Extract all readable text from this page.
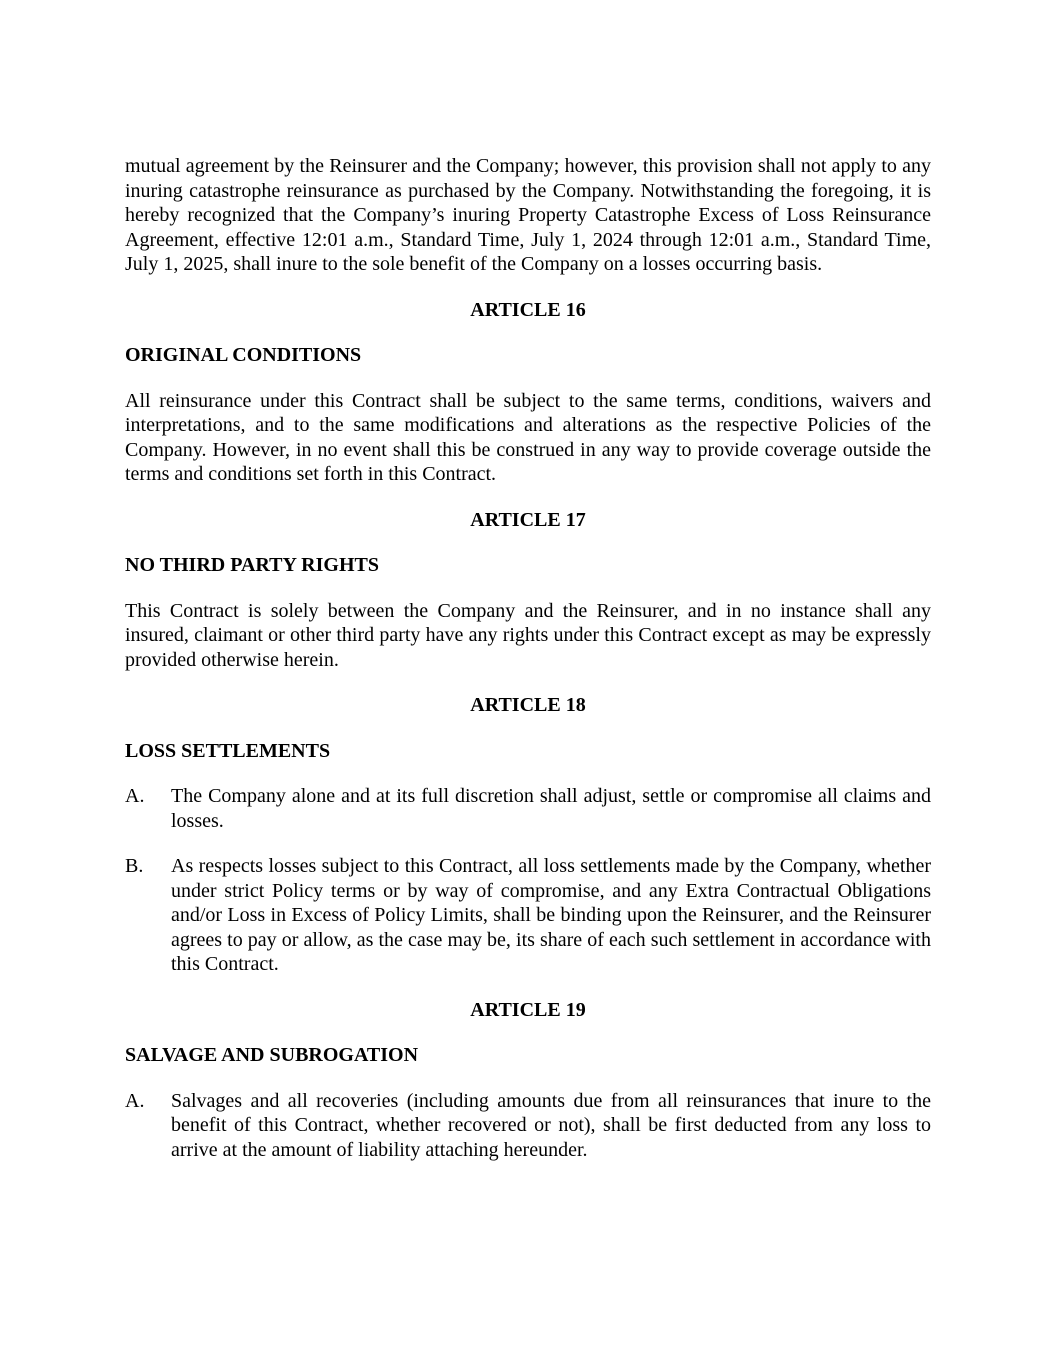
mutual agreement by the Reinsurer and the Company; however, this provision shall not apply to any inuring catastrophe reinsurance as purchased by the Company. Notwithstanding the foregoing, it is hereby recognized that the Company’s inuring Property Catastrophe Excess of Loss Reinsurance Agreement, effective 12:01 a.m., Standard Time, July 1, 2024 through 12:01 a.m., Standard Time, July 1, 2025, shall inure to the sole benefit of the Company on a losses occurring basis.

ARTICLE 16
ORIGINAL CONDITIONS

All reinsurance under this Contract shall be subject to the same terms, conditions, waivers and interpretations, and to the same modifications and alterations as the respective Policies of the Company. However, in no event shall this be construed in any way to provide coverage outside the terms and conditions set forth in this Contract.

ARTICLE 17
NO THIRD PARTY RIGHTS

This Contract is solely between the Company and the Reinsurer, and in no instance shall any insured, claimant or other third party have any rights under this Contract except as may be expressly provided otherwise herein.

ARTICLE 18
LOSS SETTLEMENTS
A.	The Company alone and at its full discretion shall adjust, settle or compromise all claims and losses.
B.	As respects losses subject to this Contract, all loss settlements made by the Company, whether under strict Policy terms or by way of compromise, and any Extra Contractual Obligations and/or Loss in Excess of Policy Limits, shall be binding upon the Reinsurer, and the Reinsurer agrees to pay or allow, as the case may be, its share of each such settlement in accordance with this Contract.
ARTICLE 19
SALVAGE AND SUBROGATION
A.	Salvages and all recoveries (including amounts due from all reinsurances that inure to the benefit of this Contract, whether recovered or not), shall be first deducted from any loss to arrive at the amount of liability attaching hereunder.
